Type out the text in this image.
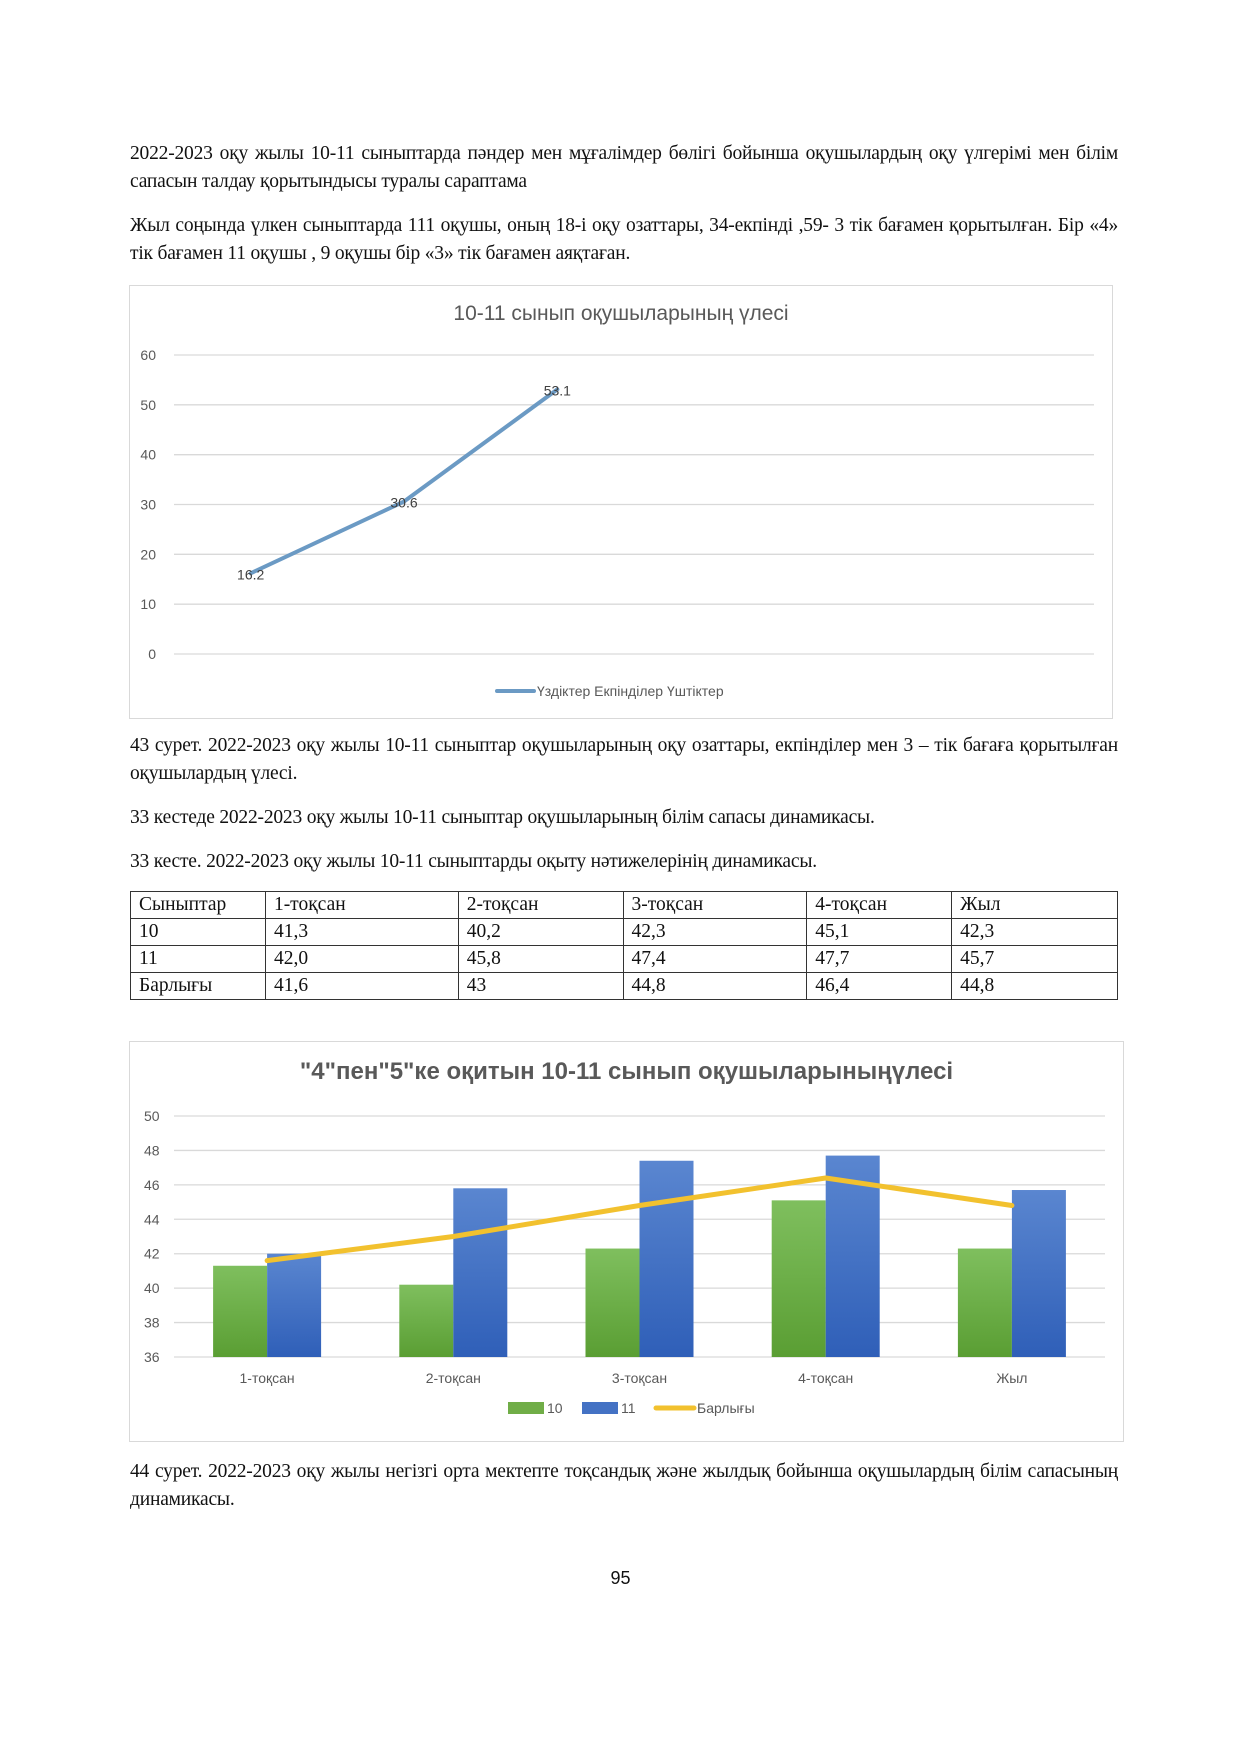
2022-2023 оқу жылы 10-11 сыныптарда пәндер мен мұғалімдер бөлігі бойынша оқушылардың оқу үлгерімі мен білім сапасын талдау қорытындысы туралы сараптама
Жыл соңында үлкен сыныптарда 111 оқушы, оның 18-і оқу озаттары, 34-екпінді ,59- 3 тік бағамен қорытылған. Бір «4» тік бағамен 11 оқушы , 9 оқушы бір «3» тік бағамен аяқтаған.
10-11 сынып оқушыларының үлесі
0
10
20
30
40
50
60
16.2
30.6
53.1
Үздіктер Екпінділер Үштіктер
43 сурет. 2022-2023 оқу жылы 10-11 сыныптар оқушыларының оқу озаттары, екпінділер мен 3 – тік бағаға қорытылған оқушылардың үлесі.
33 кестеде 2022-2023 оқу жылы 10-11 сыныптар оқушыларының білім сапасы динамикасы.
33 кесте. 2022-2023 оқу жылы 10-11 сыныптарды оқыту нәтижелерінің динамикасы.
Сыныптар	1-тоқсан	2-тоқсан	3-тоқсан	4-тоқсан	Жыл
10	41,3	40,2	42,3	45,1	42,3
11	42,0	45,8	47,4	47,7	45,7
Барлығы	41,6	43	44,8	46,4	44,8
"4"пен"5"ке оқитын 10-11 сынып оқушыларыныңүлесі
36
38
40
42
44
46
48
50
1-тоқсан	2-тоқсан	3-тоқсан	4-тоқсан	Жыл
10	11	Барлығы
44 сурет. 2022-2023 оқу жылы негізгі орта мектепте тоқсандық және жылдық бойынша оқушылардың білім сапасының динамикасы.
95
